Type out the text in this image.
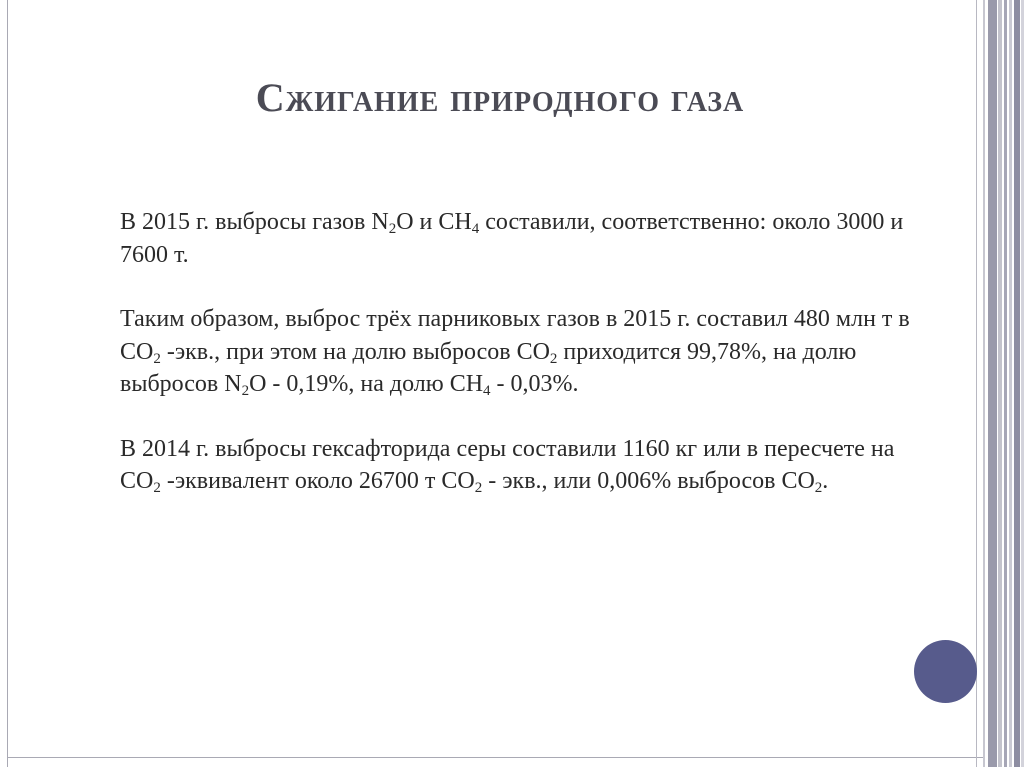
Сжигание природного газа

В 2015 г. выбросы газов $N_2O$ и $CH_4$ составили, соответственно: около 3000 и 7600 т.

Таким образом, выброс трёх парниковых газов в 2015 г. составил 480 млн т в $CO_2$ -экв., при этом на долю выбросов $CO_2$ приходится 99,78%, на долю выбросов $N_2O - 0,19\%$, на долю $CH_4 - 0,03\%$.

В 2014 г. выбросы гексафторида серы составили 1160 кг или в пересчете на $CO_2$ -эквивалент около 26700 т $CO_2$ - экв., или 0,006% выбросов $CO_2$.
